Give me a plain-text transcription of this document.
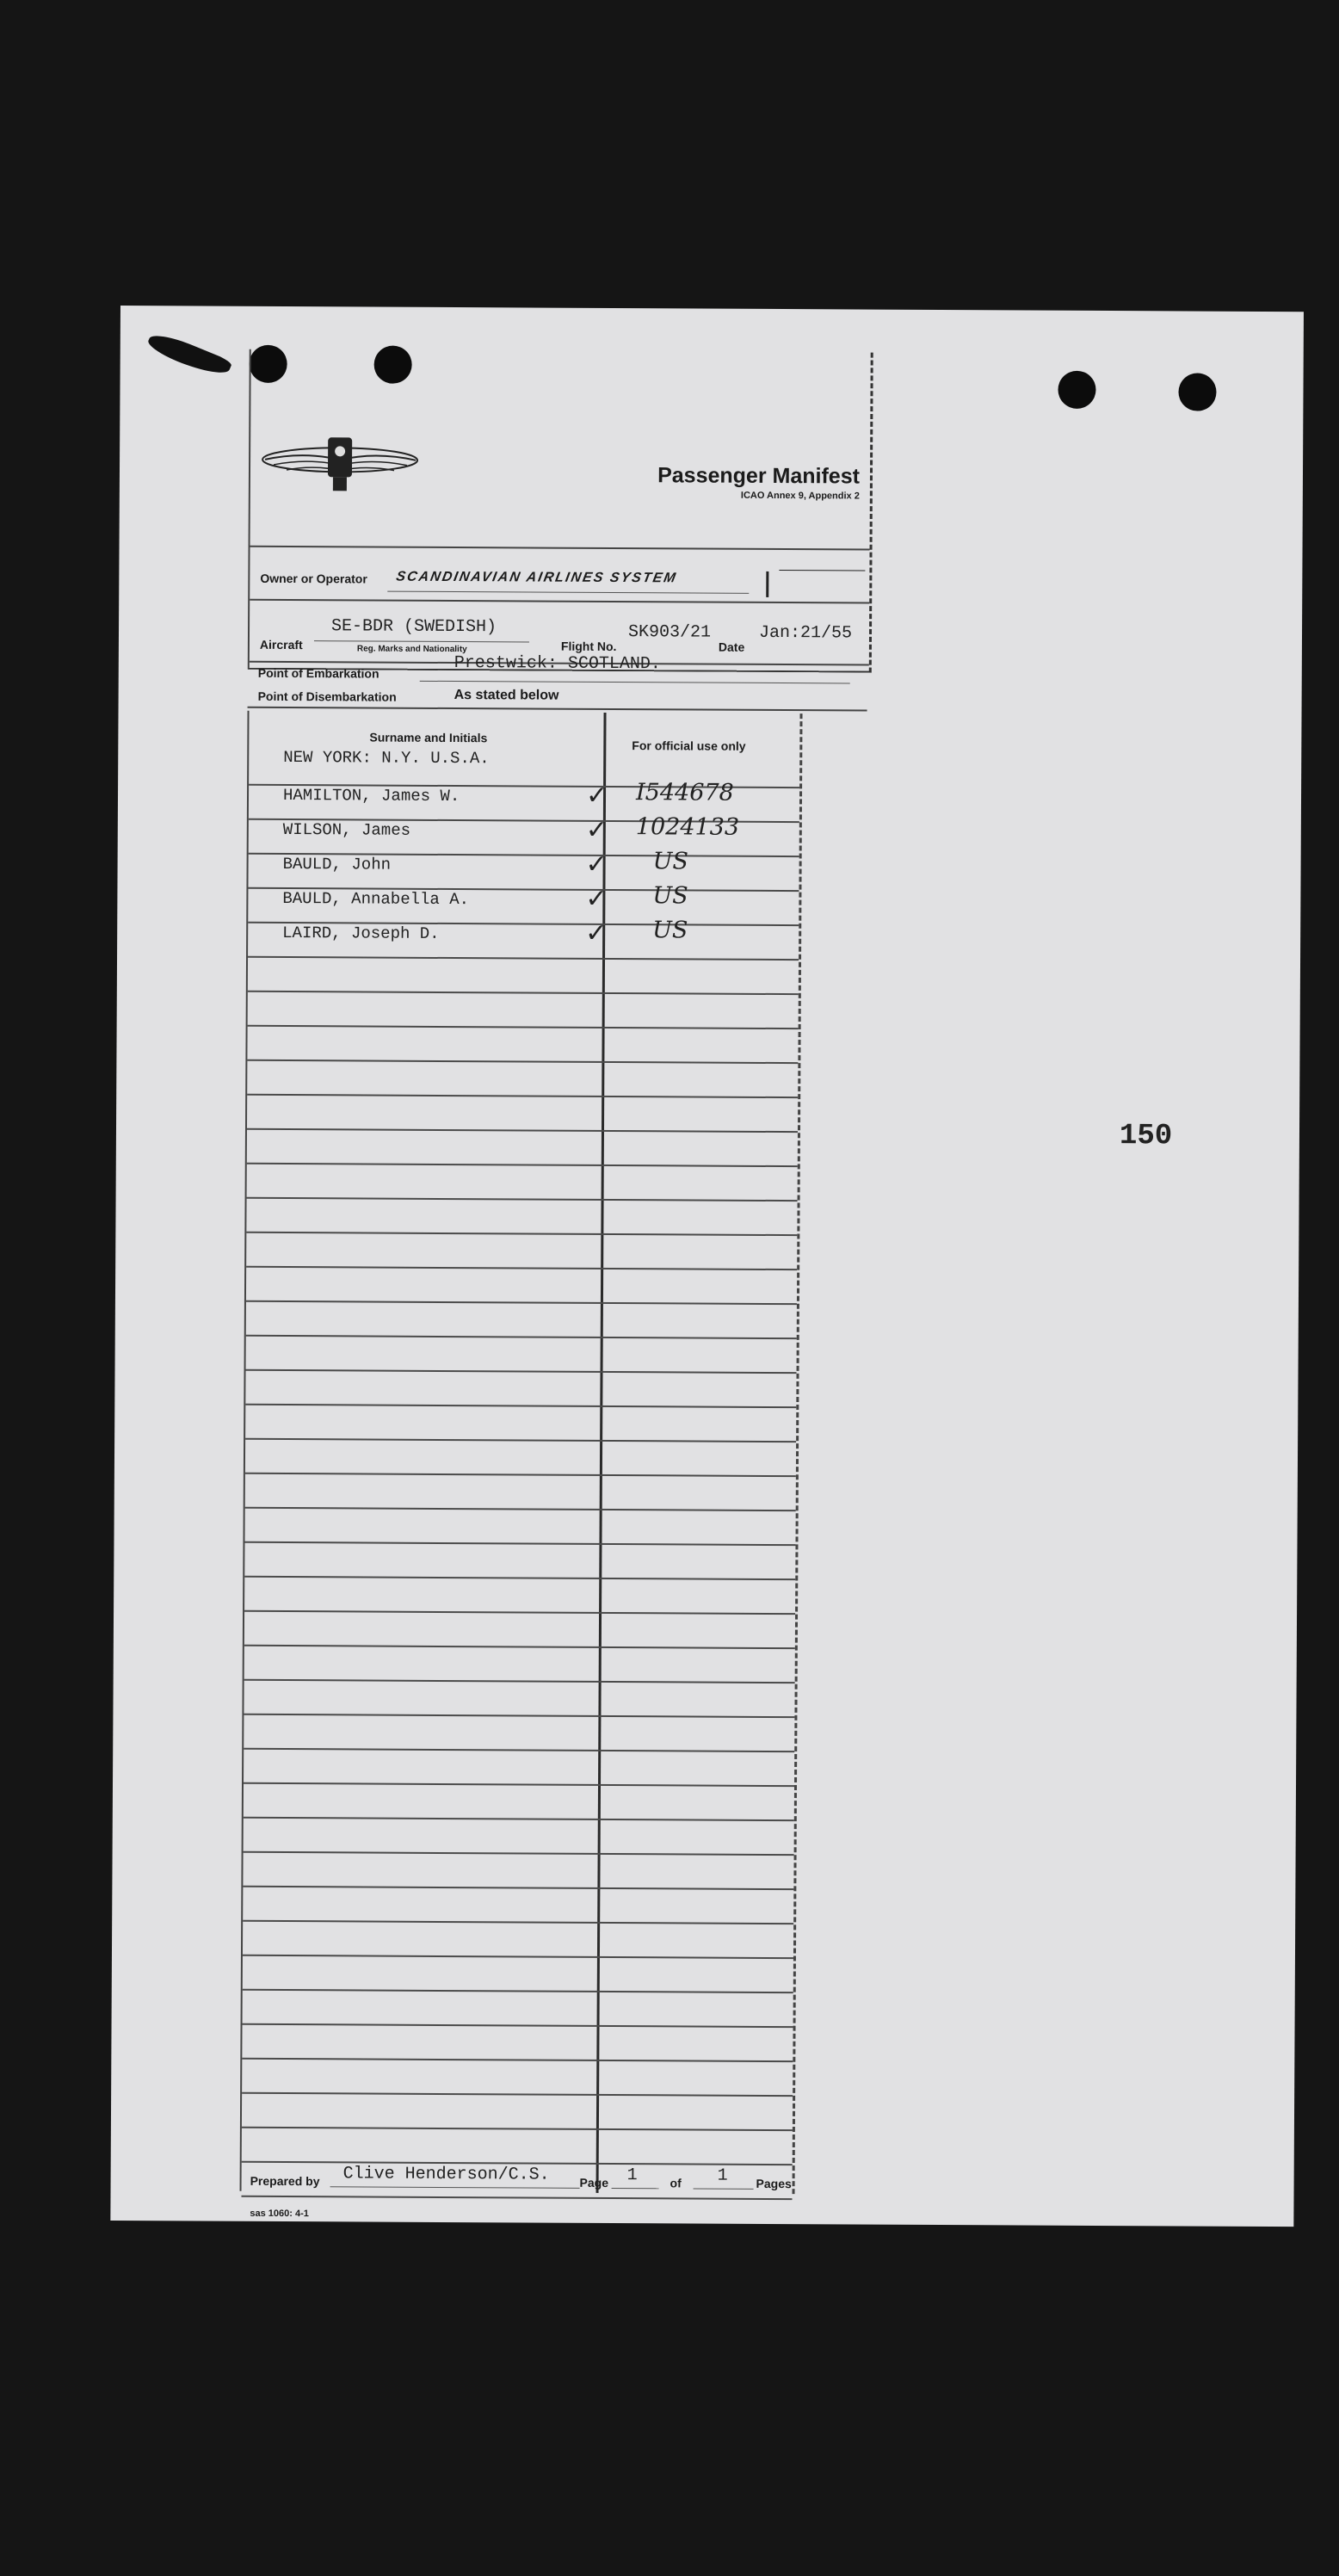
Passenger Manifest
ICAO Annex 9, Appendix 2
Owner or Operator SCANDINAVIAN AIRLINES SYSTEM
Aircraft
SE-BDR (SWEDISH)
Reg. Marks and Nationality	Flight No.
SK903/21
Date
Jan:21/55
Point of Embarkation	Prestwick: SCOTLAND.
Point of Disembarkation	As stated below
Surname and Initials
For official use only
NEW YORK: N.Y. U.S.A.
HAMILTON, James W.	✓ I544678
WILSON, James	✓ 1024133
BAULD, John	✓ US
BAULD, Annabella A.	✓ US
LAIRD, Joseph D.	✓ US
Prepared by Clive Henderson/C.S. Page 1	of 1 Pages
sas 1060: 4-1
150
